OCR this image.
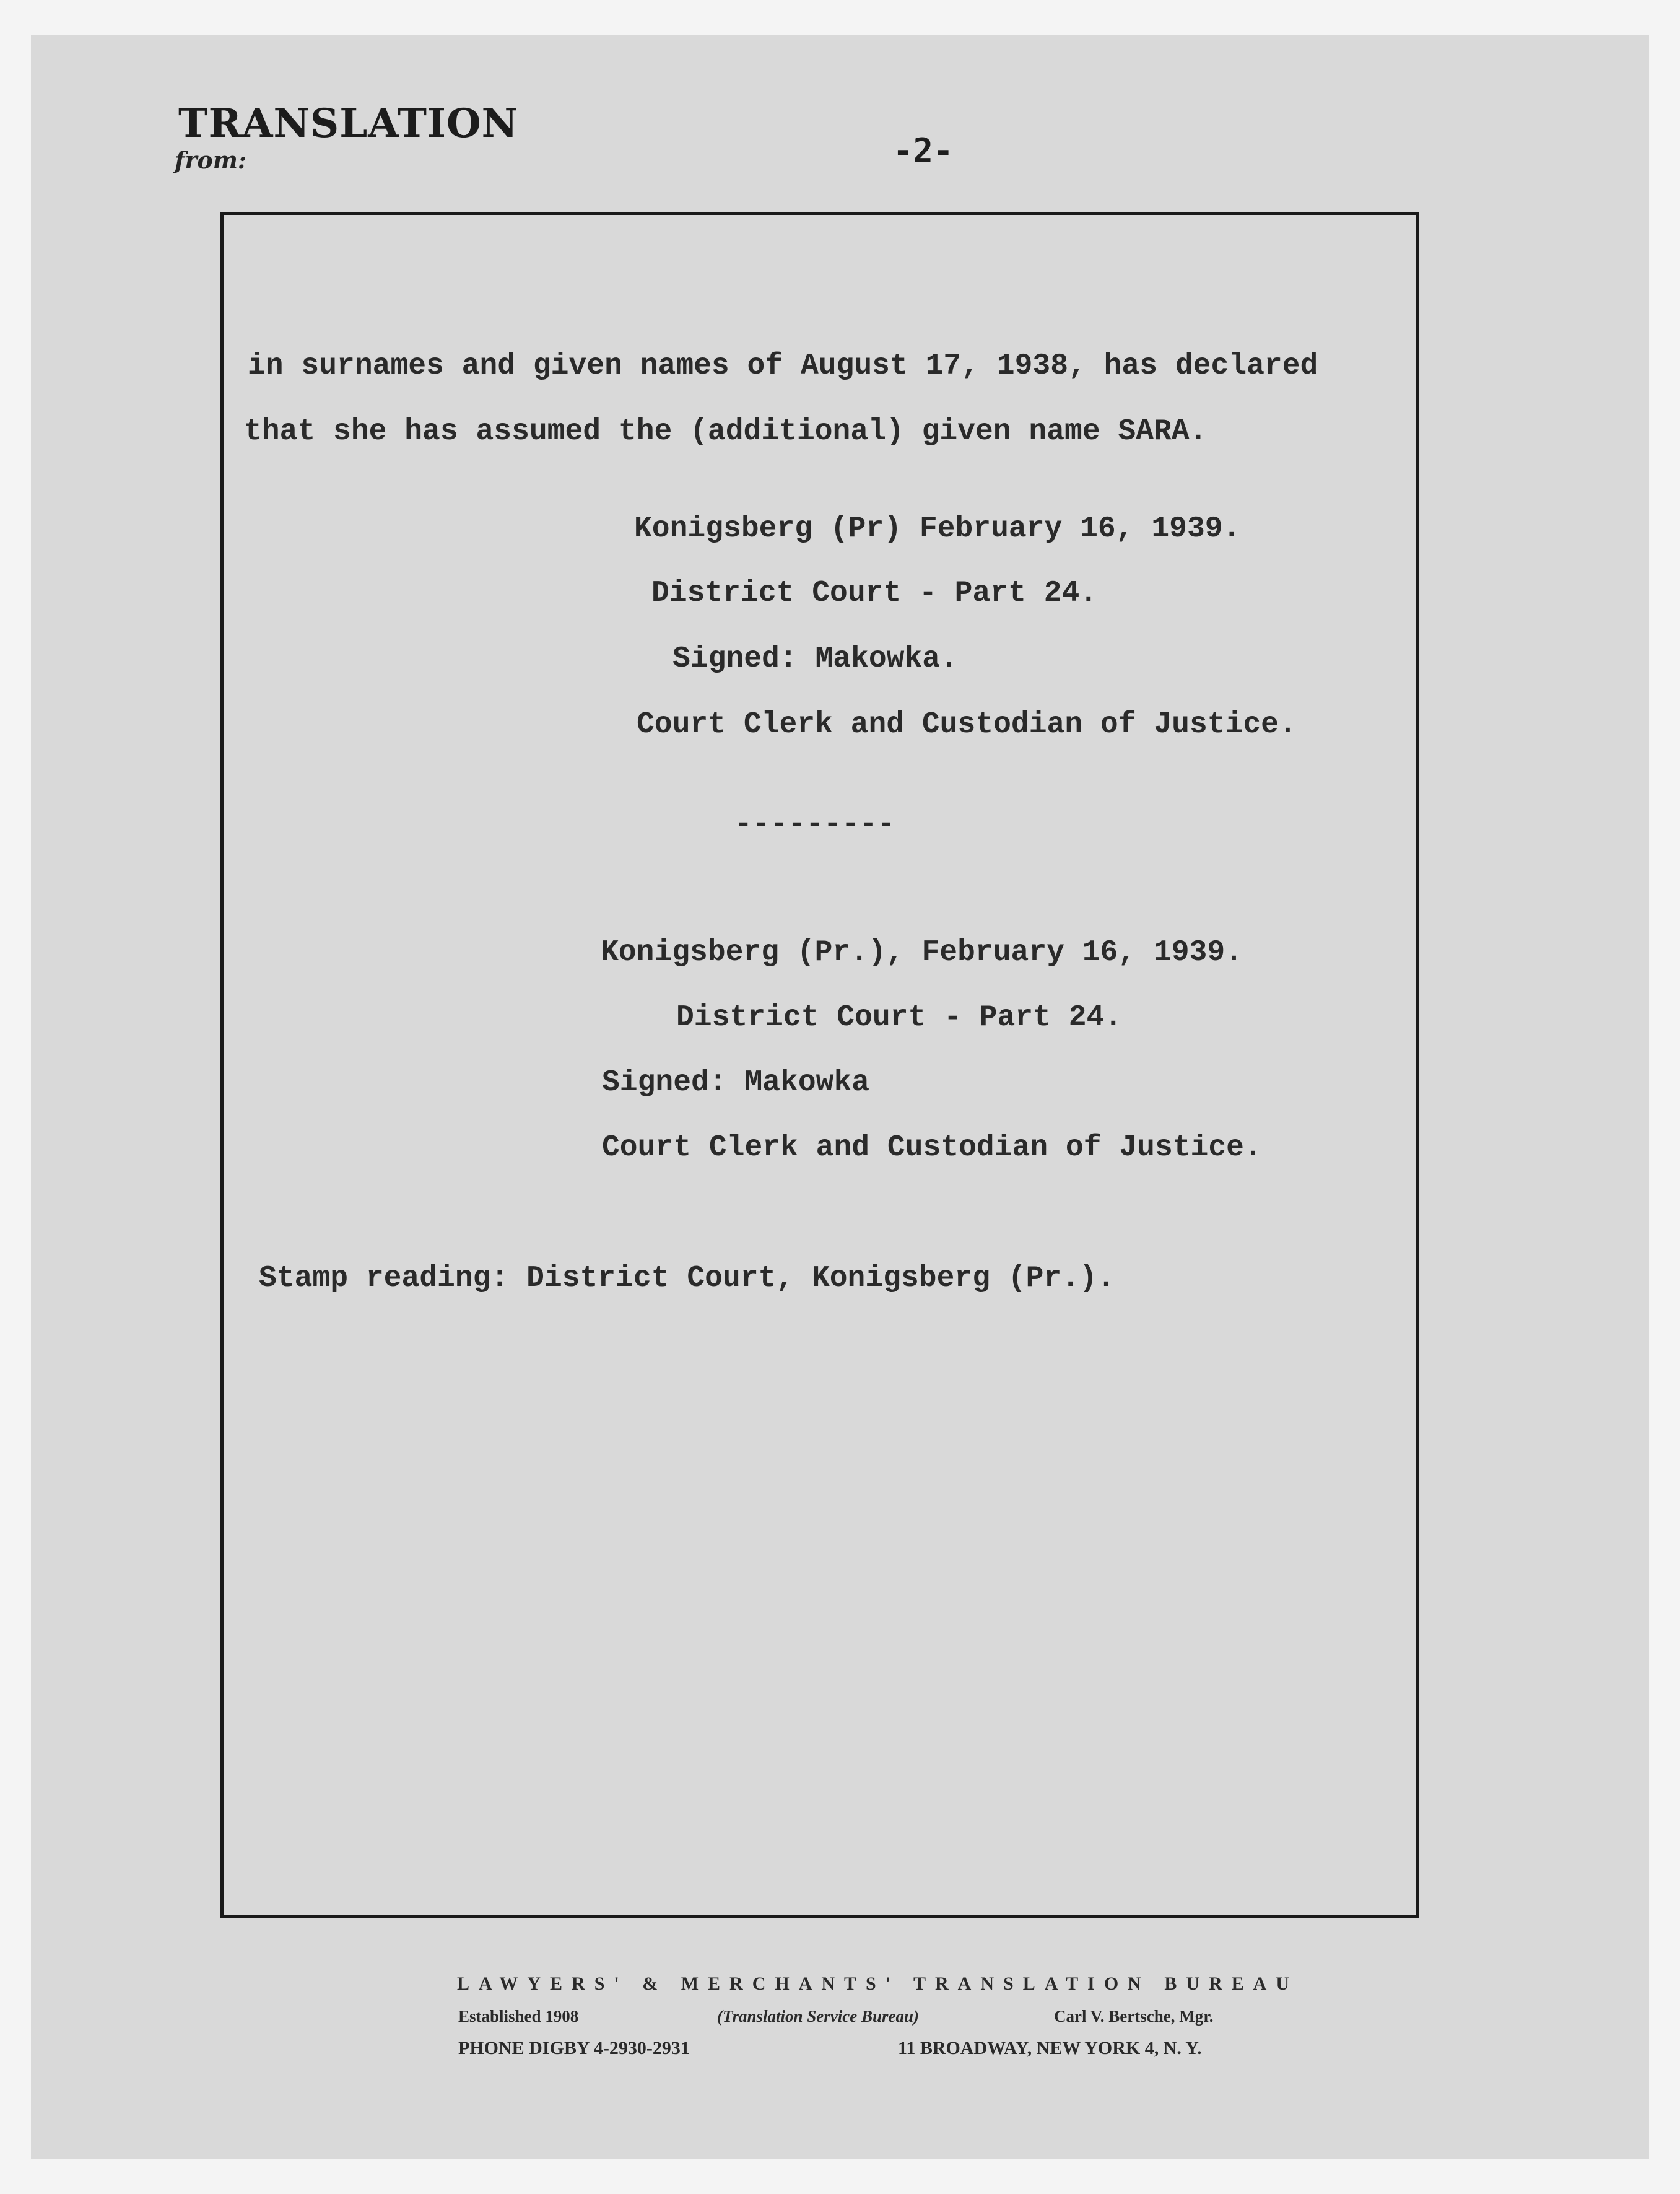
TRANSLATION

from:	-2-

in surnames and given names of August 17, 1938, has declared

that she has assumed the (additional) given name SARA.

Konigsberg (Pr) February 16, 1939.

District Court - Part 24.

Signed: Makowka.

Court Clerk and Custodian of Justice.

---------

Konigsberg (Pr.), February 16, 1939.

District Court - Part 24.

Signed: Makowka

Court Clerk and Custodian of Justice.

Stamp reading: District Court, Konigsberg (Pr.).

LAWYERS' & MERCHANTS' TRANSLATION BUREAU

Established 1908	(Translation Service Bureau)	Carl V. Bertsche, Mgr.

PHONE DIGBY 4-2930-2931	11 BROADWAY, NEW YORK 4, N. Y.
